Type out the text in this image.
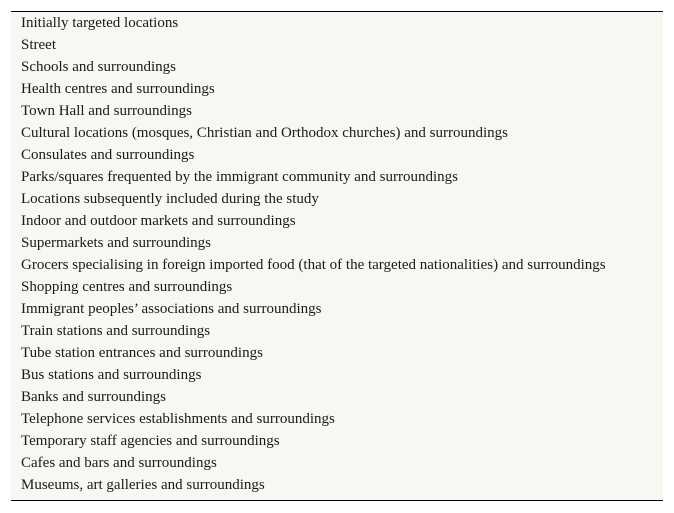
Initially targeted locations
Street
Schools and surroundings
Health centres and surroundings
Town Hall and surroundings
Cultural locations (mosques, Christian and Orthodox churches) and surroundings
Consulates and surroundings
Parks/squares frequented by the immigrant community and surroundings
Locations subsequently included during the study
Indoor and outdoor markets and surroundings
Supermarkets and surroundings
Grocers specialising in foreign imported food (that of the targeted nationalities) and surroundings
Shopping centres and surroundings
Immigrant peoples’ associations and surroundings
Train stations and surroundings
Tube station entrances and surroundings
Bus stations and surroundings
Banks and surroundings
Telephone services establishments and surroundings
Temporary staff agencies and surroundings
Cafes and bars and surroundings
Museums, art galleries and surroundings
